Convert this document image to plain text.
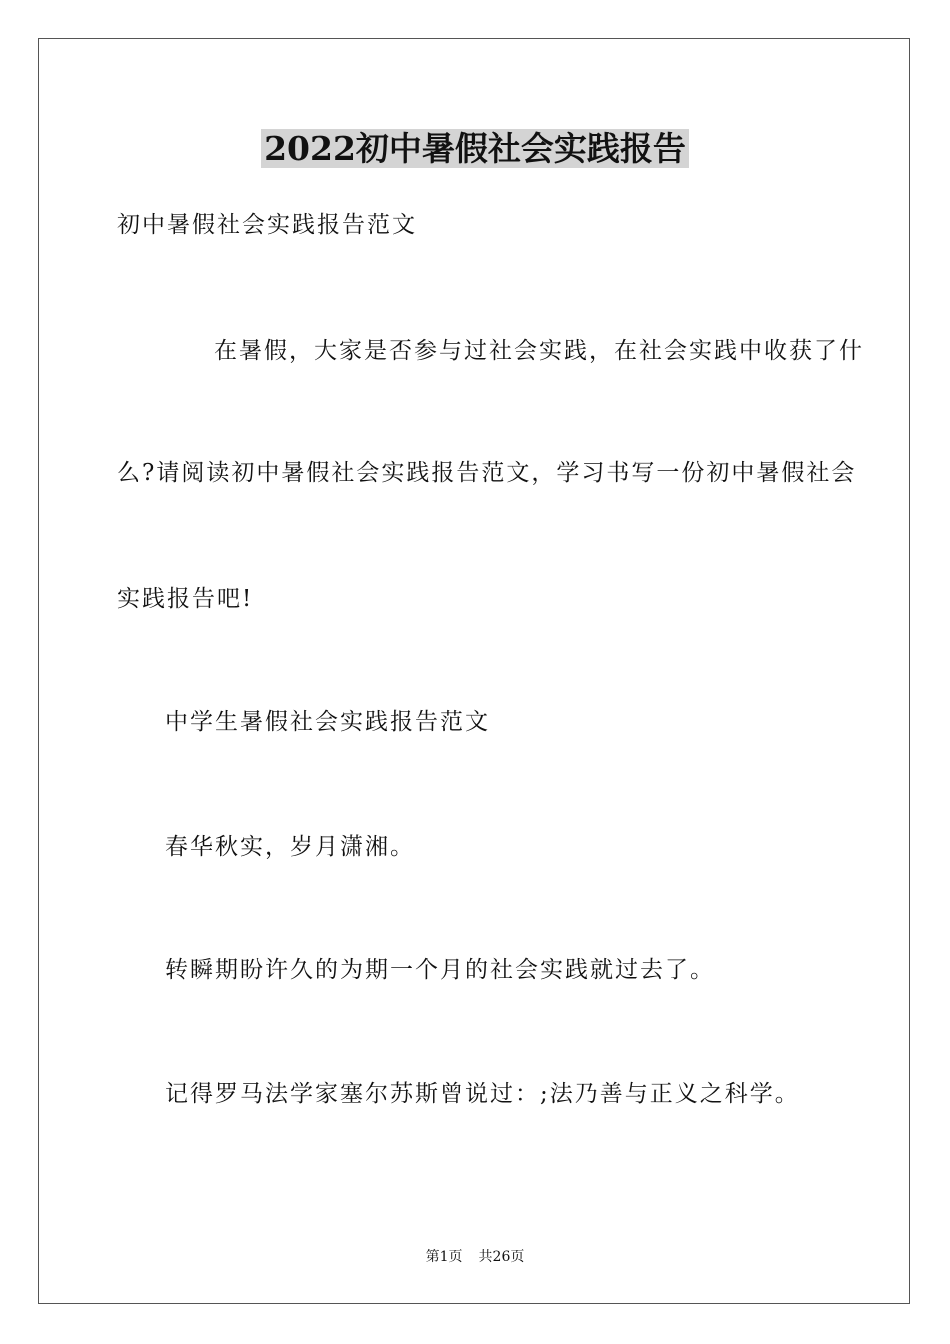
2022初中暑假社会实践报告
初中暑假社会实践报告范文
在暑假，大家是否参与过社会实践，在社会实践中收获了什
么?请阅读初中暑假社会实践报告范文，学习书写一份初中暑假社会
实践报告吧!
中学生暑假社会实践报告范文
春华秋实，岁月潇湘。
转瞬期盼许久的为期一个月的社会实践就过去了。
记得罗马法学家塞尔苏斯曾说过：;法乃善与正义之科学。
第1页 共26页
